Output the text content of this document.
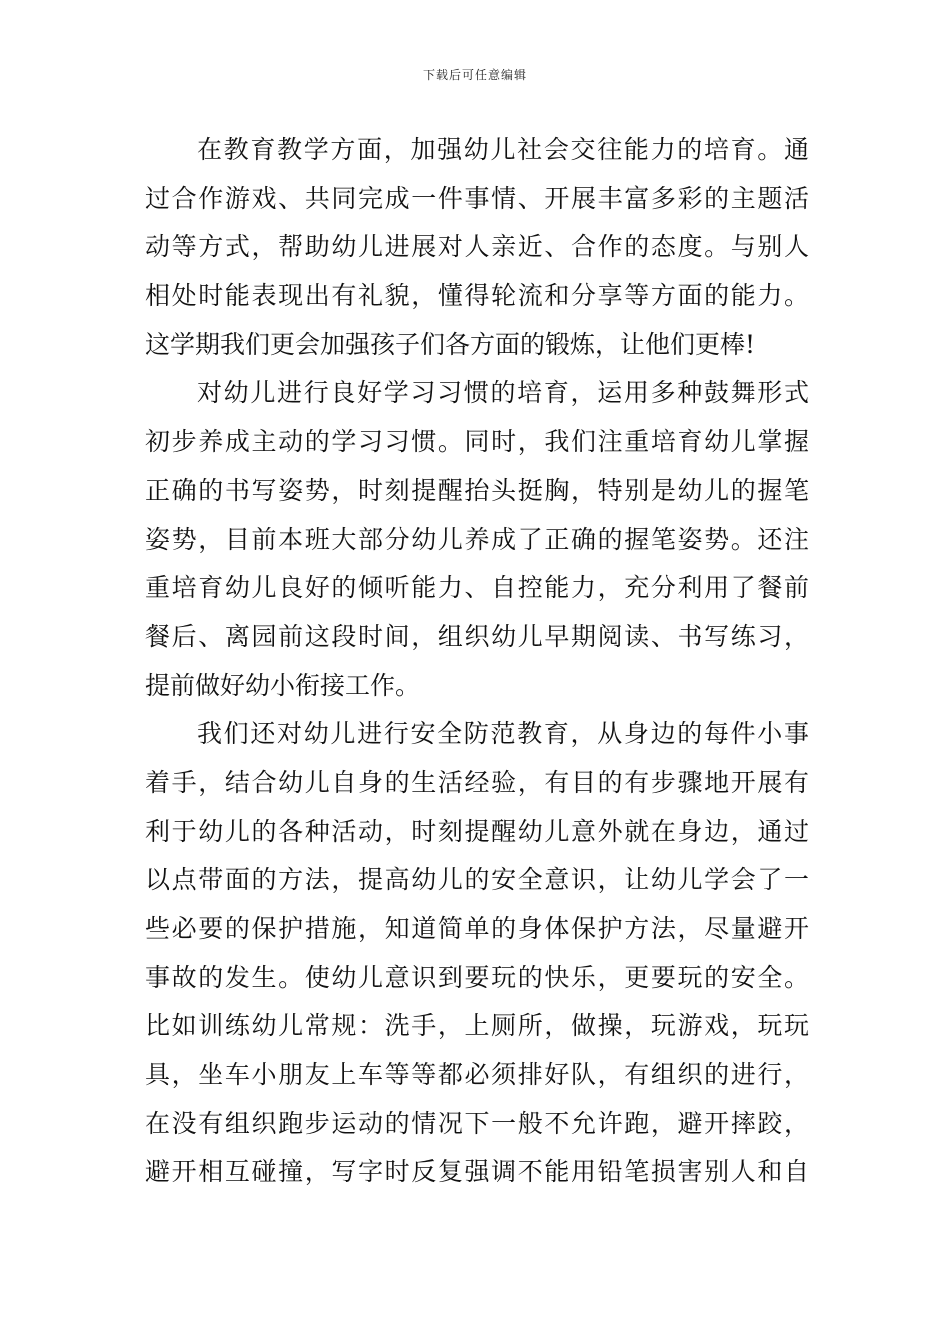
下载后可任意编辑
在教育教学方面，加强幼儿社会交往能力的培育。通
过合作游戏、共同完成一件事情、开展丰富多彩的主题活
动等方式，帮助幼儿进展对人亲近、合作的态度。与别人
相处时能表现出有礼貌，懂得轮流和分享等方面的能力。
这学期我们更会加强孩子们各方面的锻炼，让他们更棒!
对幼儿进行良好学习习惯的培育，运用多种鼓舞形式
初步养成主动的学习习惯。同时，我们注重培育幼儿掌握
正确的书写姿势，时刻提醒抬头挺胸，特别是幼儿的握笔
姿势，目前本班大部分幼儿养成了正确的握笔姿势。还注
重培育幼儿良好的倾听能力、自控能力，充分利用了餐前
餐后、离园前这段时间，组织幼儿早期阅读、书写练习，
提前做好幼小衔接工作。
我们还对幼儿进行安全防范教育，从身边的每件小事
着手，结合幼儿自身的生活经验，有目的有步骤地开展有
利于幼儿的各种活动，时刻提醒幼儿意外就在身边，通过
以点带面的方法，提高幼儿的安全意识，让幼儿学会了一
些必要的保护措施，知道简单的身体保护方法，尽量避开
事故的发生。使幼儿意识到要玩的快乐，更要玩的安全。
比如训练幼儿常规：洗手，上厕所，做操，玩游戏，玩玩
具，坐车小朋友上车等等都必须排好队，有组织的进行，
在没有组织跑步运动的情况下一般不允许跑，避开摔跤，
避开相互碰撞，写字时反复强调不能用铅笔损害别人和自
